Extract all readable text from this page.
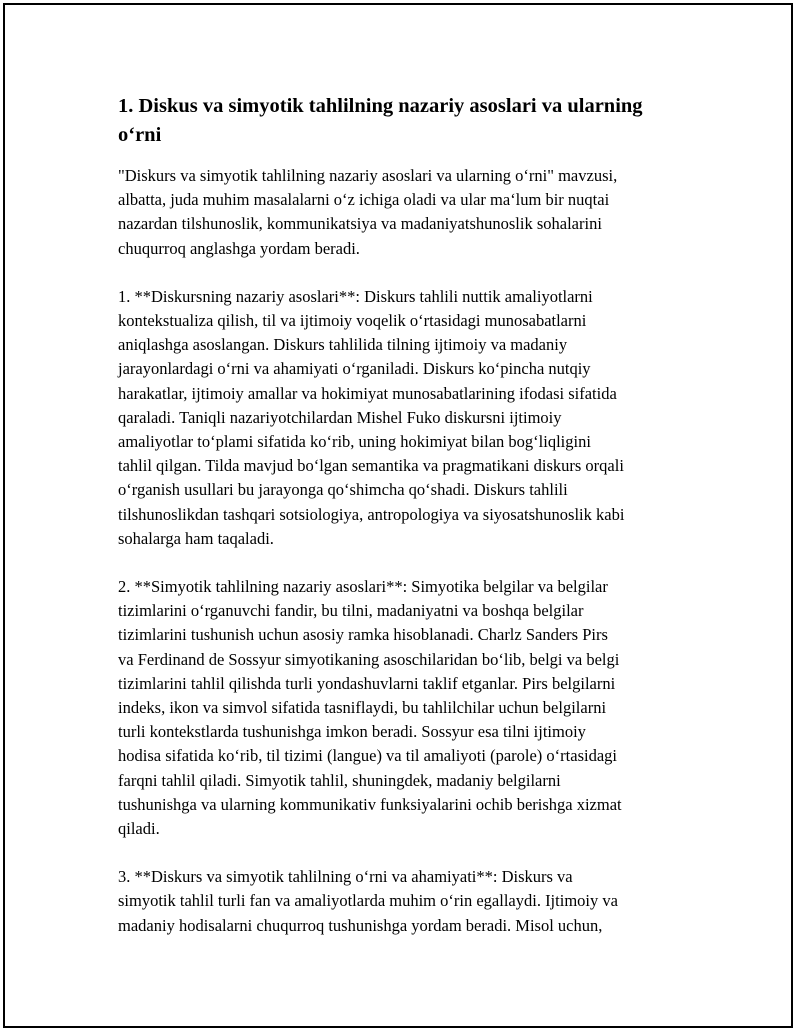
1. Diskus va simyotik tahlilning nazariy asoslari va ularning
o‘rni

"Diskurs va simyotik tahlilning nazariy asoslari va ularning o‘rni" mavzusi,
albatta, juda muhim masalalarni o‘z ichiga oladi va ular ma‘lum bir nuqtai
nazardan tilshunoslik, kommunikatsiya va madaniyatshunoslik sohalarini
chuqurroq anglashga yordam beradi.

1. **Diskursning nazariy asoslari**: Diskurs tahlili nuttik amaliyotlarni
kontekstualiza qilish, til va ijtimoiy voqelik o‘rtasidagi munosabatlarni
aniqlashga asoslangan. Diskurs tahlilida tilning ijtimoiy va madaniy
jarayonlardagi o‘rni va ahamiyati o‘rganiladi. Diskurs ko‘pincha nutqiy
harakatlar, ijtimoiy amallar va hokimiyat munosabatlarining ifodasi sifatida
qaraladi. Taniqli nazariyotchilardan Mishel Fuko diskursni ijtimoiy
amaliyotlar to‘plami sifatida ko‘rib, uning hokimiyat bilan bog‘liqligini
tahlil qilgan. Tilda mavjud bo‘lgan semantika va pragmatikani diskurs orqali
o‘rganish usullari bu jarayonga qo‘shimcha qo‘shadi. Diskurs tahlili
tilshunoslikdan tashqari sotsiologiya, antropologiya va siyosatshunoslik kabi
sohalarga ham taqaladi.

2. **Simyotik tahlilning nazariy asoslari**: Simyotika belgilar va belgilar
tizimlarini o‘rganuvchi fandir, bu tilni, madaniyatni va boshqa belgilar
tizimlarini tushunish uchun asosiy ramka hisoblanadi. Charlz Sanders Pirs
va Ferdinand de Sossyur simyotikaning asoschilaridan bo‘lib, belgi va belgi
tizimlarini tahlil qilishda turli yondashuvlarni taklif etganlar. Pirs belgilarni
indeks, ikon va simvol sifatida tasniflaydi, bu tahlilchilar uchun belgilarni
turli kontekstlarda tushunishga imkon beradi. Sossyur esa tilni ijtimoiy
hodisa sifatida ko‘rib, til tizimi (langue) va til amaliyoti (parole) o‘rtasidagi
farqni tahlil qiladi. Simyotik tahlil, shuningdek, madaniy belgilarni
tushunishga va ularning kommunikativ funksiyalarini ochib berishga xizmat
qiladi.

3. **Diskurs va simyotik tahlilning o‘rni va ahamiyati**: Diskurs va
simyotik tahlil turli fan va amaliyotlarda muhim o‘rin egallaydi. Ijtimoiy va
madaniy hodisalarni chuqurroq tushunishga yordam beradi. Misol uchun,
